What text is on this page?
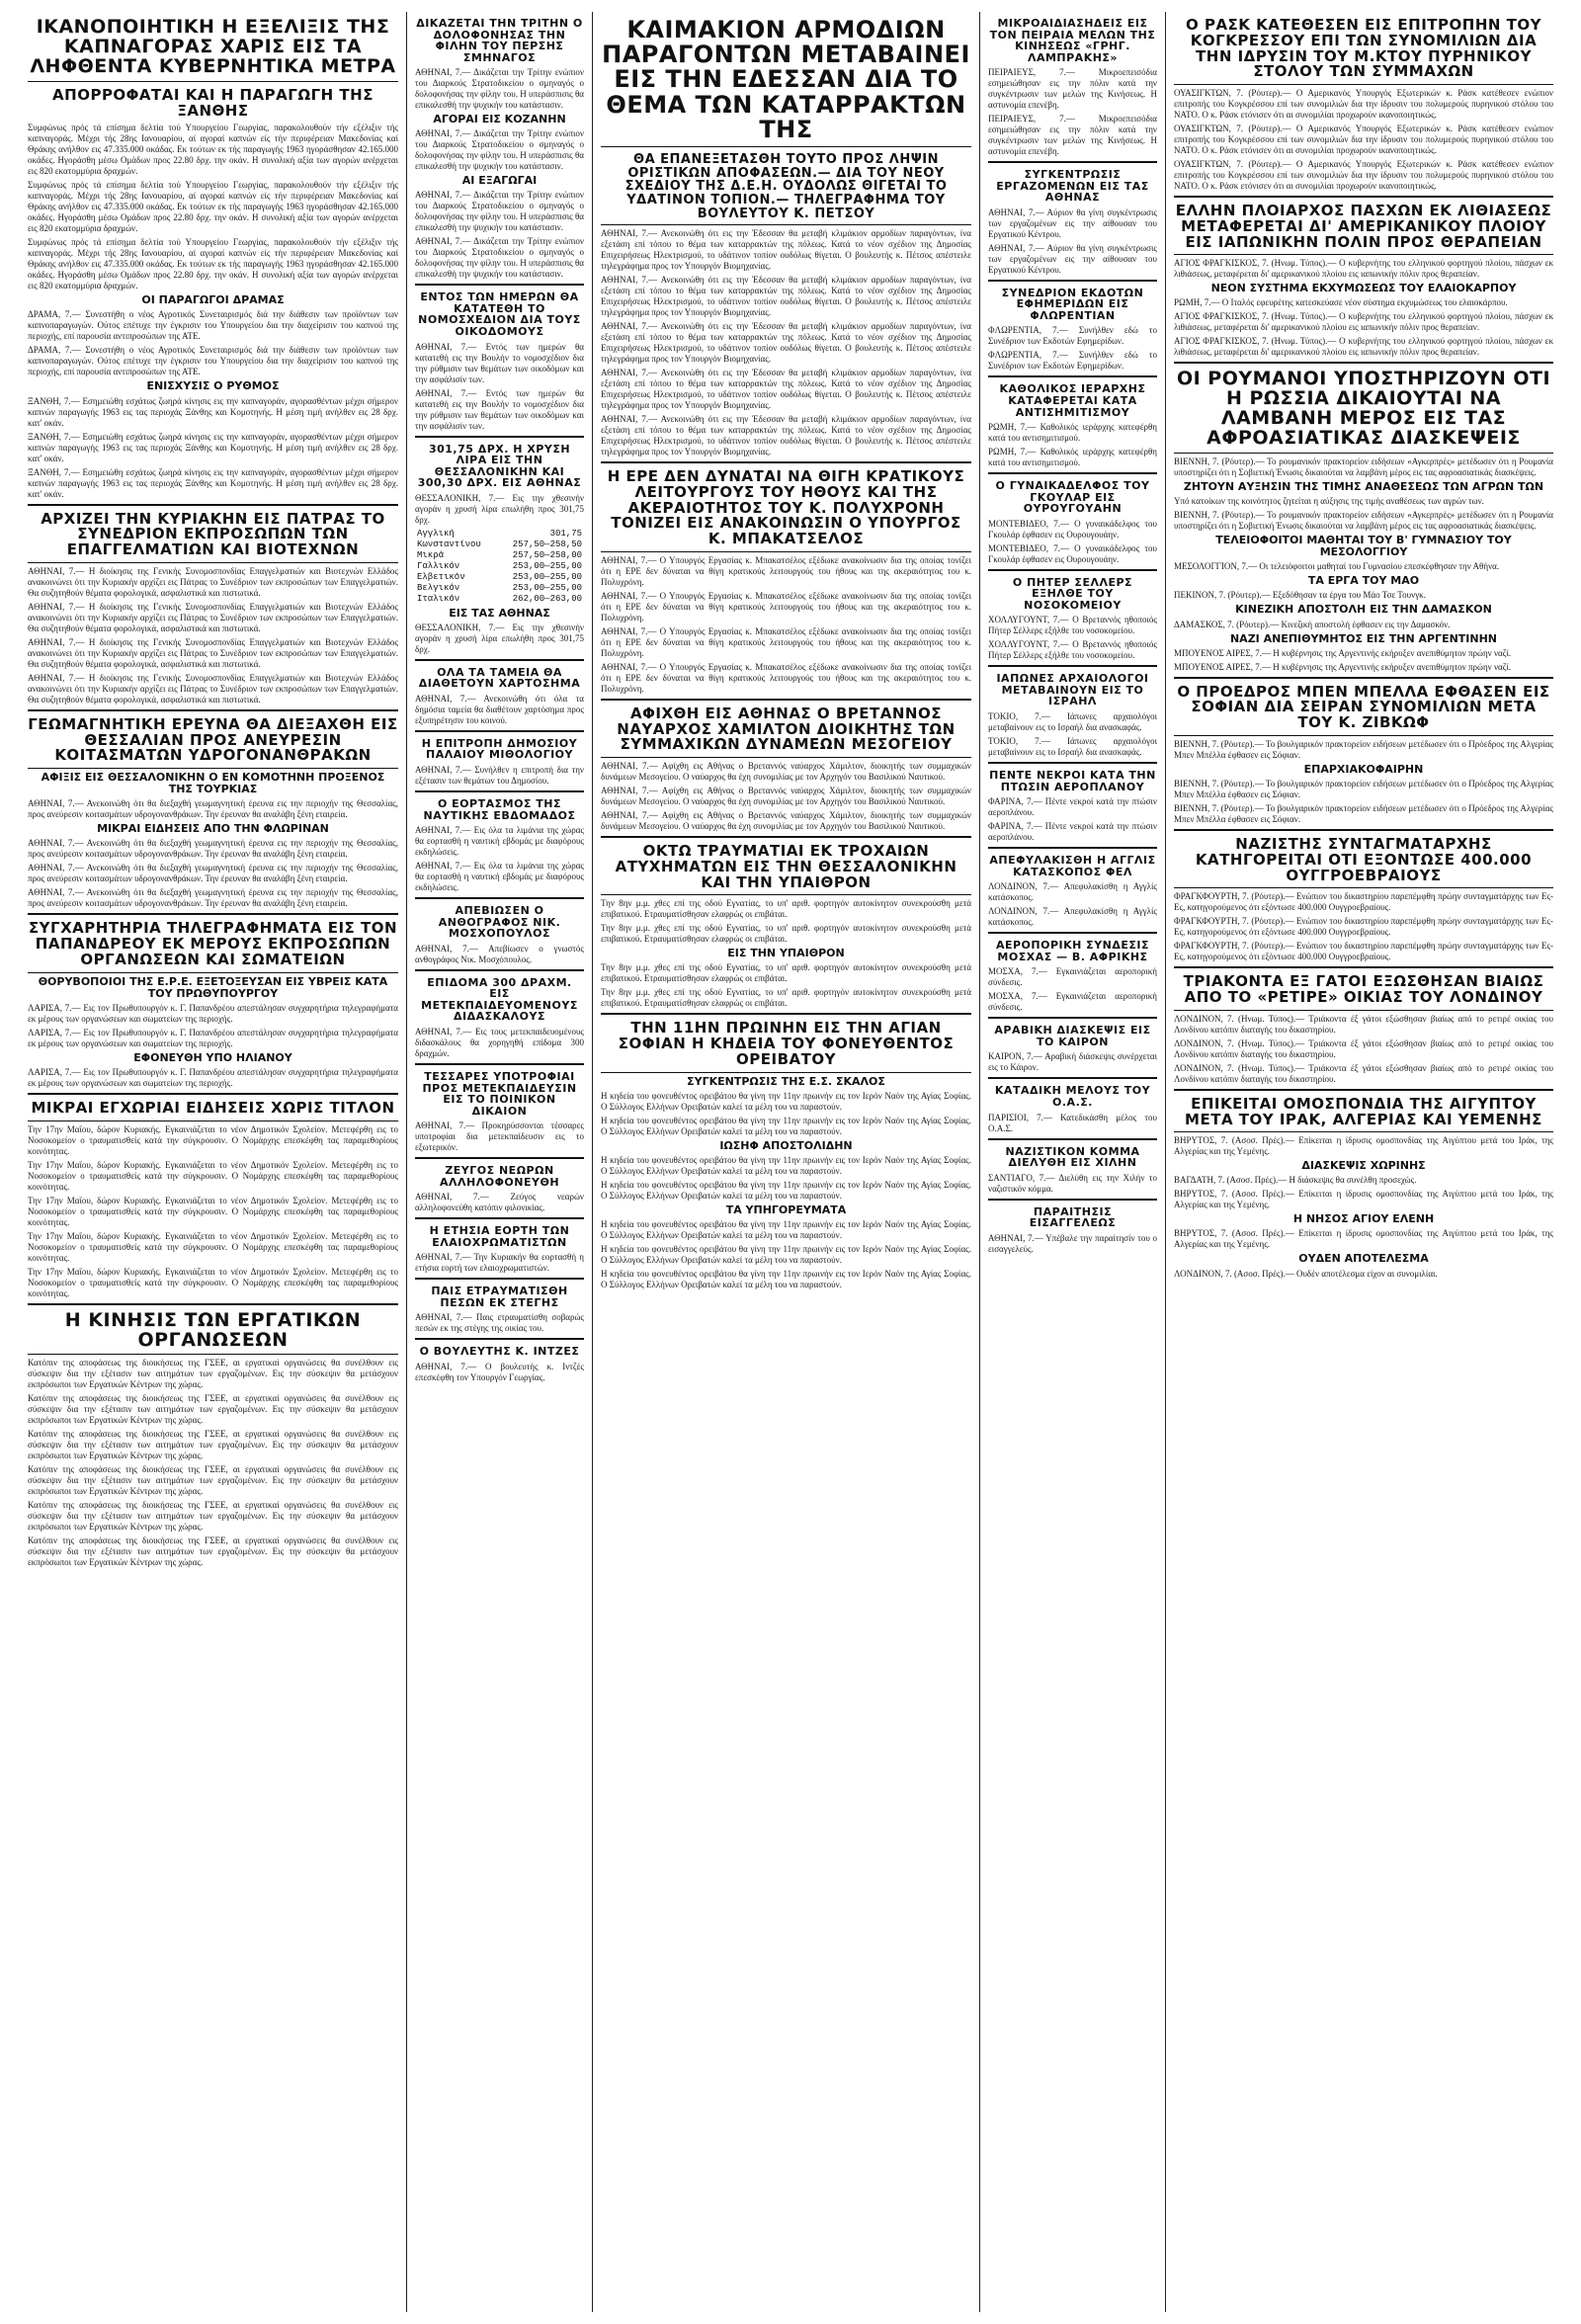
ΙΚΑΝΟΠΟΙΗΤΙΚΗ Η ΕΞΕΛΙΞΙΣ ΤΗΣ ΚΑΠΝΑΓΟΡΑΣ ΧΑΡΙΣ ΕΙΣ ΤΑ ΛΗΦΘΕΝΤΑ ΚΥΒΕΡΝΗΤΙΚΑ ΜΕΤΡΑ
ΑΠΟΡΡΟΦΑΤΑΙ ΚΑΙ Η ΠΑΡΑΓΩΓΗ ΤΗΣ ΞΑΝΘΗΣ

Συμφώνως πρός τά επίσημα δελτία τού Υπουργείου Γεωργίας, παρακολουθούν τήν εξέλιξιν τής καπναγοράς. Μέχρι τής 28ης Ιανουαρίου, αί αγοραί καπνών είς τήν περιφέρειαν Μακεδονίας καί Θράκης ανήλθον εις 47.335.000 οκάδας. Εκ τούτων εκ τής παραγωγής 1963 ηγοράσθησαν 42.165.000 οκάδες. Ηγοράσθη μέσω Ομάδων προς 22.80 δρχ. την οκάν. Η συνολική αξία των αγορών ανέρχεται εις 820 εκατομμύρια δραχμών.

Συμφώνως πρός τά επίσημα δελτία τού Υπουργείου Γεωργίας, παρακολουθούν τήν εξέλιξιν τής καπναγοράς. Μέχρι τής 28ης Ιανουαρίου, αί αγοραί καπνών είς τήν περιφέρειαν Μακεδονίας καί Θράκης ανήλθον εις 47.335.000 οκάδας. Εκ τούτων εκ τής παραγωγής 1963 ηγοράσθησαν 42.165.000 οκάδες. Ηγοράσθη μέσω Ομάδων προς 22.80 δρχ. την οκάν. Η συνολική αξία των αγορών ανέρχεται εις 820 εκατομμύρια δραχμών.

Συμφώνως πρός τά επίσημα δελτία τού Υπουργείου Γεωργίας, παρακολουθούν τήν εξέλιξιν τής καπναγοράς. Μέχρι τής 28ης Ιανουαρίου, αί αγοραί καπνών είς τήν περιφέρειαν Μακεδονίας καί Θράκης ανήλθον εις 47.335.000 οκάδας. Εκ τούτων εκ τής παραγωγής 1963 ηγοράσθησαν 42.165.000 οκάδες. Ηγοράσθη μέσω Ομάδων προς 22.80 δρχ. την οκάν. Η συνολική αξία των αγορών ανέρχεται εις 820 εκατομμύρια δραχμών.

ΟΙ ΠΑΡΑΓΩΓΟΙ ΔΡΑΜΑΣ

ΔΡΑΜΑ, 7.— Συνεστήθη ο νέος Αγροτικός Συνεταιρισμός διά την διάθεσιν των προϊόντων των καπνοπαραγωγών. Ούτος επέτυχε την έγκρισιν του Υπουργείου δια την διαχείρισιν του καπνού της περιοχής, επί παρουσία αντιπροσώπων της ΑΤΕ.

ΔΡΑΜΑ, 7.— Συνεστήθη ο νέος Αγροτικός Συνεταιρισμός διά την διάθεσιν των προϊόντων των καπνοπαραγωγών. Ούτος επέτυχε την έγκρισιν του Υπουργείου δια την διαχείρισιν του καπνού της περιοχής, επί παρουσία αντιπροσώπων της ΑΤΕ.

ΕΝΙΣΧΥΣΙΣ Ο ΡΥΘΜΟΣ

ΞΑΝΘΗ, 7.— Εσημειώθη εσχάτως ζωηρά κίνησις εις την καπναγοράν, αγορασθέντων μέχρι σήμερον καπνών παραγωγής 1963 εις τας περιοχάς Ξάνθης και Κομοτηνής. Η μέση τιμή ανήλθεν εις 28 δρχ. κατ' οκάν.

ΞΑΝΘΗ, 7.— Εσημειώθη εσχάτως ζωηρά κίνησις εις την καπναγοράν, αγορασθέντων μέχρι σήμερον καπνών παραγωγής 1963 εις τας περιοχάς Ξάνθης και Κομοτηνής. Η μέση τιμή ανήλθεν εις 28 δρχ. κατ' οκάν.

ΞΑΝΘΗ, 7.— Εσημειώθη εσχάτως ζωηρά κίνησις εις την καπναγοράν, αγορασθέντων μέχρι σήμερον καπνών παραγωγής 1963 εις τας περιοχάς Ξάνθης και Κομοτηνής. Η μέση τιμή ανήλθεν εις 28 δρχ. κατ' οκάν.

ΑΡΧΙΖΕΙ ΤΗΝ ΚΥΡΙΑΚΗΝ ΕΙΣ ΠΑΤΡΑΣ ΤΟ ΣΥΝΕΔΡΙΟΝ ΕΚΠΡΟΣΩΠΩΝ ΤΩΝ ΕΠΑΓΓΕΛΜΑΤΙΩΝ ΚΑΙ ΒΙΟΤΕΧΝΩΝ

ΑΘΗΝΑΙ, 7.— Η διοίκησις της Γενικής Συνομοσπονδίας Επαγγελματιών και Βιοτεχνών Ελλάδος ανακοινώνει ότι την Κυριακήν αρχίζει εις Πάτρας το Συνέδριον των εκπροσώπων των Επαγγελματιών. Θα συζητηθούν θέματα φορολογικά, ασφαλιστικά και πιστωτικά.

ΑΘΗΝΑΙ, 7.— Η διοίκησις της Γενικής Συνομοσπονδίας Επαγγελματιών και Βιοτεχνών Ελλάδος ανακοινώνει ότι την Κυριακήν αρχίζει εις Πάτρας το Συνέδριον των εκπροσώπων των Επαγγελματιών. Θα συζητηθούν θέματα φορολογικά, ασφαλιστικά και πιστωτικά.

ΑΘΗΝΑΙ, 7.— Η διοίκησις της Γενικής Συνομοσπονδίας Επαγγελματιών και Βιοτεχνών Ελλάδος ανακοινώνει ότι την Κυριακήν αρχίζει εις Πάτρας το Συνέδριον των εκπροσώπων των Επαγγελματιών. Θα συζητηθούν θέματα φορολογικά, ασφαλιστικά και πιστωτικά.

ΑΘΗΝΑΙ, 7.— Η διοίκησις της Γενικής Συνομοσπονδίας Επαγγελματιών και Βιοτεχνών Ελλάδος ανακοινώνει ότι την Κυριακήν αρχίζει εις Πάτρας το Συνέδριον των εκπροσώπων των Επαγγελματιών. Θα συζητηθούν θέματα φορολογικά, ασφαλιστικά και πιστωτικά.

ΓΕΩΜΑΓΝΗΤΙΚΗ ΕΡΕΥΝΑ ΘΑ ΔΙΕΞΑΧΘΗ ΕΙΣ ΘΕΣΣΑΛΙΑΝ ΠΡΟΣ ΑΝΕΥΡΕΣΙΝ ΚΟΙΤΑΣΜΑΤΩΝ ΥΔΡΟΓΟΝΑΝΘΡΑΚΩΝ
ΑΦΙΞΙΣ ΕΙΣ ΘΕΣΣΑΛΟΝΙΚΗΝ Ο ΕΝ ΚΟΜΟΤΗΝΗ ΠΡΟΞΕΝΟΣ ΤΗΣ ΤΟΥΡΚΙΑΣ

ΑΘΗΝΑΙ, 7.— Ανεκοινώθη ότι θα διεξαχθή γεωμαγνητική έρευνα εις την περιοχήν της Θεσσαλίας, προς ανεύρεσιν κοιτασμάτων υδρογονανθράκων. Την έρευναν θα αναλάβη ξένη εταιρεία.

ΜΙΚΡΑΙ ΕΙΔΗΣΕΙΣ ΑΠΟ ΤΗΝ ΦΛΩΡΙΝΑΝ

ΑΘΗΝΑΙ, 7.— Ανεκοινώθη ότι θα διεξαχθή γεωμαγνητική έρευνα εις την περιοχήν της Θεσσαλίας, προς ανεύρεσιν κοιτασμάτων υδρογονανθράκων. Την έρευναν θα αναλάβη ξένη εταιρεία.

ΑΘΗΝΑΙ, 7.— Ανεκοινώθη ότι θα διεξαχθή γεωμαγνητική έρευνα εις την περιοχήν της Θεσσαλίας, προς ανεύρεσιν κοιτασμάτων υδρογονανθράκων. Την έρευναν θα αναλάβη ξένη εταιρεία.

ΑΘΗΝΑΙ, 7.— Ανεκοινώθη ότι θα διεξαχθή γεωμαγνητική έρευνα εις την περιοχήν της Θεσσαλίας, προς ανεύρεσιν κοιτασμάτων υδρογονανθράκων. Την έρευναν θα αναλάβη ξένη εταιρεία.

ΣΥΓΧΑΡΗΤΗΡΙΑ ΤΗΛΕΓΡΑΦΗΜΑΤΑ ΕΙΣ ΤΟΝ ΠΑΠΑΝΔΡΕΟΥ ΕΚ ΜΕΡΟΥΣ ΕΚΠΡΟΣΩΠΩΝ ΟΡΓΑΝΩΣΕΩΝ ΚΑΙ ΣΩΜΑΤΕΙΩΝ
ΘΟΡΥΒΟΠΟΙΟΙ ΤΗΣ Ε.Ρ.Ε. ΕΞΕΤΟΞΕΥΣΑΝ ΕΙΣ ΥΒΡΕΙΣ ΚΑΤΑ ΤΟΥ ΠΡΩΘΥΠΟΥΡΓΟΥ

ΛΑΡΙΣΑ, 7.— Εις τον Πρωθυπουργόν κ. Γ. Παπανδρέου απεστάλησαν συγχαρητήρια τηλεγραφήματα εκ μέρους των οργανώσεων και σωματείων της περιοχής.

ΛΑΡΙΣΑ, 7.— Εις τον Πρωθυπουργόν κ. Γ. Παπανδρέου απεστάλησαν συγχαρητήρια τηλεγραφήματα εκ μέρους των οργανώσεων και σωματείων της περιοχής.

ΕΦΟΝΕΥΘΗ ΥΠΟ ΗΛΙΑΝΟΥ

ΛΑΡΙΣΑ, 7.— Εις τον Πρωθυπουργόν κ. Γ. Παπανδρέου απεστάλησαν συγχαρητήρια τηλεγραφήματα εκ μέρους των οργανώσεων και σωματείων της περιοχής.

ΜΙΚΡΑΙ ΕΓΧΩΡΙΑΙ ΕΙΔΗΣΕΙΣ ΧΩΡΙΣ ΤΙΤΛΟΝ

Την 17ην Μαΐου, δώρον Κυριακής. Εγκαινιάζεται το νέον Δημοτικόν Σχολείον. Μετεφέρθη εις το Νοσοκομείον ο τραυματισθείς κατά την σύγκρουσιν. Ο Νομάρχης επεσκέφθη τας παραμεθορίους κοινότητας.

Την 17ην Μαΐου, δώρον Κυριακής. Εγκαινιάζεται το νέον Δημοτικόν Σχολείον. Μετεφέρθη εις το Νοσοκομείον ο τραυματισθείς κατά την σύγκρουσιν. Ο Νομάρχης επεσκέφθη τας παραμεθορίους κοινότητας.

Την 17ην Μαΐου, δώρον Κυριακής. Εγκαινιάζεται το νέον Δημοτικόν Σχολείον. Μετεφέρθη εις το Νοσοκομείον ο τραυματισθείς κατά την σύγκρουσιν. Ο Νομάρχης επεσκέφθη τας παραμεθορίους κοινότητας.

Την 17ην Μαΐου, δώρον Κυριακής. Εγκαινιάζεται το νέον Δημοτικόν Σχολείον. Μετεφέρθη εις το Νοσοκομείον ο τραυματισθείς κατά την σύγκρουσιν. Ο Νομάρχης επεσκέφθη τας παραμεθορίους κοινότητας.

Την 17ην Μαΐου, δώρον Κυριακής. Εγκαινιάζεται το νέον Δημοτικόν Σχολείον. Μετεφέρθη εις το Νοσοκομείον ο τραυματισθείς κατά την σύγκρουσιν. Ο Νομάρχης επεσκέφθη τας παραμεθορίους κοινότητας.

Η ΚΙΝΗΣΙΣ ΤΩΝ ΕΡΓΑΤΙΚΩΝ ΟΡΓΑΝΩΣΕΩΝ

Κατόπιν της αποφάσεως της διοικήσεως της ΓΣΕΕ, αι εργατικαί οργανώσεις θα συνέλθουν εις σύσκεψιν δια την εξέτασιν των αιτημάτων των εργαζομένων. Εις την σύσκεψιν θα μετάσχουν εκπρόσωποι των Εργατικών Κέντρων της χώρας.

Κατόπιν της αποφάσεως της διοικήσεως της ΓΣΕΕ, αι εργατικαί οργανώσεις θα συνέλθουν εις σύσκεψιν δια την εξέτασιν των αιτημάτων των εργαζομένων. Εις την σύσκεψιν θα μετάσχουν εκπρόσωποι των Εργατικών Κέντρων της χώρας.

Κατόπιν της αποφάσεως της διοικήσεως της ΓΣΕΕ, αι εργατικαί οργανώσεις θα συνέλθουν εις σύσκεψιν δια την εξέτασιν των αιτημάτων των εργαζομένων. Εις την σύσκεψιν θα μετάσχουν εκπρόσωποι των Εργατικών Κέντρων της χώρας.

Κατόπιν της αποφάσεως της διοικήσεως της ΓΣΕΕ, αι εργατικαί οργανώσεις θα συνέλθουν εις σύσκεψιν δια την εξέτασιν των αιτημάτων των εργαζομένων. Εις την σύσκεψιν θα μετάσχουν εκπρόσωποι των Εργατικών Κέντρων της χώρας.

Κατόπιν της αποφάσεως της διοικήσεως της ΓΣΕΕ, αι εργατικαί οργανώσεις θα συνέλθουν εις σύσκεψιν δια την εξέτασιν των αιτημάτων των εργαζομένων. Εις την σύσκεψιν θα μετάσχουν εκπρόσωποι των Εργατικών Κέντρων της χώρας.

Κατόπιν της αποφάσεως της διοικήσεως της ΓΣΕΕ, αι εργατικαί οργανώσεις θα συνέλθουν εις σύσκεψιν δια την εξέτασιν των αιτημάτων των εργαζομένων. Εις την σύσκεψιν θα μετάσχουν εκπρόσωποι των Εργατικών Κέντρων της χώρας.

ΔΙΚΑΖΕΤΑΙ ΤΗΝ ΤΡΙΤΗΝ Ο ΔΟΛΟΦΟΝΗΣΑΣ ΤΗΝ ΦΙΛΗΝ ΤΟΥ ΠΕΡΣΗΣ ΣΜΗΝΑΓΟΣ

ΑΘΗΝΑΙ, 7.— Δικάζεται την Τρίτην ενώπιον του Διαρκούς Στρατοδικείου ο σμηναγός ο δολοφονήσας την φίλην του. Η υπεράσπισις θα επικαλεσθή την ψυχικήν του κατάστασιν.

ΑΓΟΡΑΙ ΕΙΣ ΚΟΖΑΝΗΝ

ΑΘΗΝΑΙ, 7.— Δικάζεται την Τρίτην ενώπιον του Διαρκούς Στρατοδικείου ο σμηναγός ο δολοφονήσας την φίλην του. Η υπεράσπισις θα επικαλεσθή την ψυχικήν του κατάστασιν.

ΑΙ ΕΞΑΓΩΓΑΙ

ΑΘΗΝΑΙ, 7.— Δικάζεται την Τρίτην ενώπιον του Διαρκούς Στρατοδικείου ο σμηναγός ο δολοφονήσας την φίλην του. Η υπεράσπισις θα επικαλεσθή την ψυχικήν του κατάστασιν.

ΑΘΗΝΑΙ, 7.— Δικάζεται την Τρίτην ενώπιον του Διαρκούς Στρατοδικείου ο σμηναγός ο δολοφονήσας την φίλην του. Η υπεράσπισις θα επικαλεσθή την ψυχικήν του κατάστασιν.

ΕΝΤΟΣ ΤΩΝ ΗΜΕΡΩΝ ΘΑ ΚΑΤΑΤΕΘΗ ΤΟ ΝΟΜΟΣΧΕΔΙΟΝ ΔΙΑ ΤΟΥΣ ΟΙΚΟΔΟΜΟΥΣ

ΑΘΗΝΑΙ, 7.— Εντός των ημερών θα κατατεθή εις την Βουλήν το νομοσχέδιον δια την ρύθμισιν των θεμάτων των οικοδόμων και την ασφάλισίν των.

ΑΘΗΝΑΙ, 7.— Εντός των ημερών θα κατατεθή εις την Βουλήν το νομοσχέδιον δια την ρύθμισιν των θεμάτων των οικοδόμων και την ασφάλισίν των.

301,75 ΔΡΧ. Η ΧΡΥΣΗ ΛΙΡΑ ΕΙΣ ΤΗΝ ΘΕΣΣΑΛΟΝΙΚΗΝ ΚΑΙ 300,30 ΔΡΧ. ΕΙΣ ΑΘΗΝΑΣ

ΘΕΣΣΑΛΟΝΙΚΗ, 7.— Εις την χθεσινήν αγοράν η χρυσή λίρα επωλήθη προς 301,75 δρχ.

Αγγλική	301,75
Κωνσταντίνου	257,50—258,50
Μικρά	257,50—258,00
Γαλλικόν	253,00—255,00
Ελβετικόν	253,00—255,00
Βελγικόν	253,00—255,00
Ιταλικόν	262,00—263,00
ΕΙΣ ΤΑΣ ΑΘΗΝΑΣ

ΘΕΣΣΑΛΟΝΙΚΗ, 7.— Εις την χθεσινήν αγοράν η χρυσή λίρα επωλήθη προς 301,75 δρχ.

ΟΛΑ ΤΑ ΤΑΜΕΙΑ ΘΑ ΔΙΑΘΕΤΟΥΝ ΧΑΡΤΟΣΗΜΑ

ΑΘΗΝΑΙ, 7.— Ανεκοινώθη ότι όλα τα δημόσια ταμεία θα διαθέτουν χαρτόσημα προς εξυπηρέτησιν του κοινού.

Η ΕΠΙΤΡΟΠΗ ΔΗΜΟΣΙΟΥ ΠΑΛΑΙΟΥ ΜΙΘΟΛΟΓΙΟΥ

ΑΘΗΝΑΙ, 7.— Συνήλθεν η επιτροπή δια την εξέτασιν των θεμάτων του Δημοσίου.

Ο ΕΟΡΤΑΣΜΟΣ ΤΗΣ ΝΑΥΤΙΚΗΣ ΕΒΔΟΜΑΔΟΣ

ΑΘΗΝΑΙ, 7.— Εις όλα τα λιμάνια της χώρας θα εορτασθή η ναυτική εβδομάς με διαφόρους εκδηλώσεις.

ΑΘΗΝΑΙ, 7.— Εις όλα τα λιμάνια της χώρας θα εορτασθή η ναυτική εβδομάς με διαφόρους εκδηλώσεις.

ΑΠΕΒΙΩΣΕΝ Ο ΑΝΘΟΓΡΑΦΟΣ ΝΙΚ. ΜΟΣΧΟΠΟΥΛΟΣ

ΑΘΗΝΑΙ, 7.— Απεβίωσεν ο γνωστός ανθογράφος Νικ. Μοσχόπουλος.

ΕΠΙΔΟΜΑ 300 ΔΡΑΧΜ. ΕΙΣ ΜΕΤΕΚΠΑΙΔΕΥΟΜΕΝΟΥΣ ΔΙΔΑΣΚΑΛΟΥΣ

ΑΘΗΝΑΙ, 7.— Εις τους μετεκπαιδευομένους διδασκάλους θα χορηγηθή επίδομα 300 δραχμών.

ΤΕΣΣΑΡΕΣ ΥΠΟΤΡΟΦΙΑΙ ΠΡΟΣ ΜΕΤΕΚΠΑΙΔΕΥΣΙΝ ΕΙΣ ΤΟ ΠΟΙΝΙΚΟΝ ΔΙΚΑΙΟΝ

ΑΘΗΝΑΙ, 7.— Προκηρύσσονται τέσσαρες υποτροφίαι δια μετεκπαίδευσιν εις το εξωτερικόν.

ΖΕΥΓΟΣ ΝΕΩΡΩΝ ΑΛΛΗΛΟΦΟΝΕΥΘΗ

ΑΘΗΝΑΙ, 7.— Ζεύγος νεαρών αλληλοφονεύθη κατόπιν φιλονικίας.

Η ΕΤΗΣΙΑ ΕΟΡΤΗ ΤΩΝ ΕΛΑΙΟΧΡΩΜΑΤΙΣΤΩΝ

ΑΘΗΝΑΙ, 7.— Την Κυριακήν θα εορτασθή η ετήσια εορτή των ελαιοχρωματιστών.

ΠΑΙΣ ΕΤΡΑΥΜΑΤΙΣΘΗ ΠΕΣΩΝ ΕΚ ΣΤΕΓΗΣ

ΑΘΗΝΑΙ, 7.— Παις ετραυματίσθη σοβαρώς πεσών εκ της στέγης της οικίας του.

Ο ΒΟΥΛΕΥΤΗΣ Κ. ΙΝΤΖΕΣ

ΑΘΗΝΑΙ, 7.— Ο βουλευτής κ. Ιντζές επεσκέφθη τον Υπουργόν Γεωργίας.

ΚΑΙΜΑΚΙΟΝ ΑΡΜΟΔΙΩΝ ΠΑΡΑΓΟΝΤΩΝ ΜΕΤΑΒΑΙΝΕΙ ΕΙΣ ΤΗΝ ΕΔΕΣΣΑΝ ΔΙΑ ΤΟ ΘΕΜΑ ΤΩΝ ΚΑΤΑΡΡΑΚΤΩΝ ΤΗΣ
ΘΑ ΕΠΑΝΕΞΕΤΑΣΘΗ ΤΟΥΤΟ ΠΡΟΣ ΛΗΨΙΝ ΟΡΙΣΤΙΚΩΝ ΑΠΟΦΑΣΕΩΝ.— ΔΙΑ ΤΟΥ ΝΕΟΥ ΣΧΕΔΙΟΥ ΤΗΣ Δ.Ε.Η. ΟΥΔΟΛΩΣ ΘΙΓΕΤΑΙ ΤΟ ΥΔΑΤΙΝΟΝ ΤΟΠΙΟΝ.— ΤΗΛΕΓΡΑΦΗΜΑ ΤΟΥ ΒΟΥΛΕΥΤΟΥ Κ. ΠΕΤΣΟΥ

ΑΘΗΝΑΙ, 7.— Ανεκοινώθη ότι εις την Έδεσσαν θα μεταβή κλιμάκιον αρμοδίων παραγόντων, ίνα εξετάση επί τόπου το θέμα των καταρρακτών της πόλεως. Κατά το νέον σχέδιον της Δημοσίας Επιχειρήσεως Ηλεκτρισμού, το υδάτινον τοπίον ουδόλως θίγεται. Ο βουλευτής κ. Πέτσος απέστειλε τηλεγράφημα προς τον Υπουργόν Βιομηχανίας.

ΑΘΗΝΑΙ, 7.— Ανεκοινώθη ότι εις την Έδεσσαν θα μεταβή κλιμάκιον αρμοδίων παραγόντων, ίνα εξετάση επί τόπου το θέμα των καταρρακτών της πόλεως. Κατά το νέον σχέδιον της Δημοσίας Επιχειρήσεως Ηλεκτρισμού, το υδάτινον τοπίον ουδόλως θίγεται. Ο βουλευτής κ. Πέτσος απέστειλε τηλεγράφημα προς τον Υπουργόν Βιομηχανίας.

ΑΘΗΝΑΙ, 7.— Ανεκοινώθη ότι εις την Έδεσσαν θα μεταβή κλιμάκιον αρμοδίων παραγόντων, ίνα εξετάση επί τόπου το θέμα των καταρρακτών της πόλεως. Κατά το νέον σχέδιον της Δημοσίας Επιχειρήσεως Ηλεκτρισμού, το υδάτινον τοπίον ουδόλως θίγεται. Ο βουλευτής κ. Πέτσος απέστειλε τηλεγράφημα προς τον Υπουργόν Βιομηχανίας.

ΑΘΗΝΑΙ, 7.— Ανεκοινώθη ότι εις την Έδεσσαν θα μεταβή κλιμάκιον αρμοδίων παραγόντων, ίνα εξετάση επί τόπου το θέμα των καταρρακτών της πόλεως. Κατά το νέον σχέδιον της Δημοσίας Επιχειρήσεως Ηλεκτρισμού, το υδάτινον τοπίον ουδόλως θίγεται. Ο βουλευτής κ. Πέτσος απέστειλε τηλεγράφημα προς τον Υπουργόν Βιομηχανίας.

ΑΘΗΝΑΙ, 7.— Ανεκοινώθη ότι εις την Έδεσσαν θα μεταβή κλιμάκιον αρμοδίων παραγόντων, ίνα εξετάση επί τόπου το θέμα των καταρρακτών της πόλεως. Κατά το νέον σχέδιον της Δημοσίας Επιχειρήσεως Ηλεκτρισμού, το υδάτινον τοπίον ουδόλως θίγεται. Ο βουλευτής κ. Πέτσος απέστειλε τηλεγράφημα προς τον Υπουργόν Βιομηχανίας.

Η ΕΡΕ ΔΕΝ ΔΥΝΑΤΑΙ ΝΑ ΘΙΓΗ ΚΡΑΤΙΚΟΥΣ ΛΕΙΤΟΥΡΓΟΥΣ ΤΟΥ ΗΘΟΥΣ ΚΑΙ ΤΗΣ ΑΚΕΡΑΙΟΤΗΤΟΣ ΤΟΥ Κ. ΠΟΛΥΧΡΟΝΗ ΤΟΝΙΖΕΙ ΕΙΣ ΑΝΑΚΟΙΝΩΣΙΝ Ο ΥΠΟΥΡΓΟΣ Κ. ΜΠΑΚΑΤΣΕΛΟΣ

ΑΘΗΝΑΙ, 7.— Ο Υπουργός Εργασίας κ. Μπακατσέλος εξέδωκε ανακοίνωσιν δια της οποίας τονίζει ότι η ΕΡΕ δεν δύναται να θίγη κρατικούς λειτουργούς του ήθους και της ακεραιότητος του κ. Πολυχρόνη.

ΑΘΗΝΑΙ, 7.— Ο Υπουργός Εργασίας κ. Μπακατσέλος εξέδωκε ανακοίνωσιν δια της οποίας τονίζει ότι η ΕΡΕ δεν δύναται να θίγη κρατικούς λειτουργούς του ήθους και της ακεραιότητος του κ. Πολυχρόνη.

ΑΘΗΝΑΙ, 7.— Ο Υπουργός Εργασίας κ. Μπακατσέλος εξέδωκε ανακοίνωσιν δια της οποίας τονίζει ότι η ΕΡΕ δεν δύναται να θίγη κρατικούς λειτουργούς του ήθους και της ακεραιότητος του κ. Πολυχρόνη.

ΑΘΗΝΑΙ, 7.— Ο Υπουργός Εργασίας κ. Μπακατσέλος εξέδωκε ανακοίνωσιν δια της οποίας τονίζει ότι η ΕΡΕ δεν δύναται να θίγη κρατικούς λειτουργούς του ήθους και της ακεραιότητος του κ. Πολυχρόνη.

ΑΦΙΧΘΗ ΕΙΣ ΑΘΗΝΑΣ Ο ΒΡΕΤΑΝΝΟΣ ΝΑΥΑΡΧΟΣ ΧΑΜΙΛΤΟΝ ΔΙΟΙΚΗΤΗΣ ΤΩΝ ΣΥΜΜΑΧΙΚΩΝ ΔΥΝΑΜΕΩΝ ΜΕΣΟΓΕΙΟΥ

ΑΘΗΝΑΙ, 7.— Αφίχθη εις Αθήνας ο Βρεταννός ναύαρχος Χάμιλτον, διοικητής των συμμαχικών δυνάμεων Μεσογείου. Ο ναύαρχος θα έχη συνομιλίας με τον Αρχηγόν του Βασιλικού Ναυτικού.

ΑΘΗΝΑΙ, 7.— Αφίχθη εις Αθήνας ο Βρεταννός ναύαρχος Χάμιλτον, διοικητής των συμμαχικών δυνάμεων Μεσογείου. Ο ναύαρχος θα έχη συνομιλίας με τον Αρχηγόν του Βασιλικού Ναυτικού.

ΑΘΗΝΑΙ, 7.— Αφίχθη εις Αθήνας ο Βρεταννός ναύαρχος Χάμιλτον, διοικητής των συμμαχικών δυνάμεων Μεσογείου. Ο ναύαρχος θα έχη συνομιλίας με τον Αρχηγόν του Βασιλικού Ναυτικού.

ΟΚΤΩ ΤΡΑΥΜΑΤΙΑΙ ΕΚ ΤΡΟΧΑΙΩΝ ΑΤΥΧΗΜΑΤΩΝ ΕΙΣ ΤΗΝ ΘΕΣΣΑΛΟΝΙΚΗΝ ΚΑΙ ΤΗΝ ΥΠΑΙΘΡΟΝ

Την 8ην μ.μ. χθες επί της οδού Εγνατίας, το υπ' αριθ. φορτηγόν αυτοκίνητον συνεκρούσθη μετά επιβατικού. Ετραυματίσθησαν ελαφρώς οι επιβάται.

Την 8ην μ.μ. χθες επί της οδού Εγνατίας, το υπ' αριθ. φορτηγόν αυτοκίνητον συνεκρούσθη μετά επιβατικού. Ετραυματίσθησαν ελαφρώς οι επιβάται.

ΕΙΣ ΤΗΝ ΥΠΑΙΘΡΟΝ

Την 8ην μ.μ. χθες επί της οδού Εγνατίας, το υπ' αριθ. φορτηγόν αυτοκίνητον συνεκρούσθη μετά επιβατικού. Ετραυματίσθησαν ελαφρώς οι επιβάται.

Την 8ην μ.μ. χθες επί της οδού Εγνατίας, το υπ' αριθ. φορτηγόν αυτοκίνητον συνεκρούσθη μετά επιβατικού. Ετραυματίσθησαν ελαφρώς οι επιβάται.

ΤΗΝ 11ΗΝ ΠΡΩΙΝΗΝ ΕΙΣ ΤΗΝ ΑΓΙΑΝ ΣΟΦΙΑΝ Η ΚΗΔΕΙΑ ΤΟΥ ΦΟΝΕΥΘΕΝΤΟΣ ΟΡΕΙΒΑΤΟΥ
ΣΥΓΚΕΝΤΡΩΣΙΣ ΤΗΣ Ε.Σ. ΣΚΑΛΟΣ

Η κηδεία του φονευθέντος ορειβάτου θα γίνη την 11ην πρωινήν εις τον Ιερόν Ναόν της Αγίας Σοφίας. Ο Σύλλογος Ελλήνων Ορειβατών καλεί τα μέλη του να παραστούν.

Η κηδεία του φονευθέντος ορειβάτου θα γίνη την 11ην πρωινήν εις τον Ιερόν Ναόν της Αγίας Σοφίας. Ο Σύλλογος Ελλήνων Ορειβατών καλεί τα μέλη του να παραστούν.

ΙΩΣΗΦ ΑΠΟΣΤΟΛΙΔΗΝ

Η κηδεία του φονευθέντος ορειβάτου θα γίνη την 11ην πρωινήν εις τον Ιερόν Ναόν της Αγίας Σοφίας. Ο Σύλλογος Ελλήνων Ορειβατών καλεί τα μέλη του να παραστούν.

Η κηδεία του φονευθέντος ορειβάτου θα γίνη την 11ην πρωινήν εις τον Ιερόν Ναόν της Αγίας Σοφίας. Ο Σύλλογος Ελλήνων Ορειβατών καλεί τα μέλη του να παραστούν.

ΤΑ ΥΠΗΓΟΡΕΥΜΑΤΑ

Η κηδεία του φονευθέντος ορειβάτου θα γίνη την 11ην πρωινήν εις τον Ιερόν Ναόν της Αγίας Σοφίας. Ο Σύλλογος Ελλήνων Ορειβατών καλεί τα μέλη του να παραστούν.

Η κηδεία του φονευθέντος ορειβάτου θα γίνη την 11ην πρωινήν εις τον Ιερόν Ναόν της Αγίας Σοφίας. Ο Σύλλογος Ελλήνων Ορειβατών καλεί τα μέλη του να παραστούν.

Η κηδεία του φονευθέντος ορειβάτου θα γίνη την 11ην πρωινήν εις τον Ιερόν Ναόν της Αγίας Σοφίας. Ο Σύλλογος Ελλήνων Ορειβατών καλεί τα μέλη του να παραστούν.

ΜΙΚΡΟΑΙΔΙΑΣΗΔΕΙΣ ΕΙΣ ΤΟΝ ΠΕΙΡΑΙΑ ΜΕΛΩΝ ΤΗΣ ΚΙΝΗΣΕΩΣ «ΓΡΗΓ. ΛΑΜΠΡΑΚΗΣ»

ΠΕΙΡΑΙΕΥΣ, 7.— Μικροεπεισόδια εσημειώθησαν εις την πόλιν κατά την συγκέντρωσιν των μελών της Κινήσεως. Η αστυνομία επενέβη.

ΠΕΙΡΑΙΕΥΣ, 7.— Μικροεπεισόδια εσημειώθησαν εις την πόλιν κατά την συγκέντρωσιν των μελών της Κινήσεως. Η αστυνομία επενέβη.

ΣΥΓΚΕΝΤΡΩΣΙΣ ΕΡΓΑΖΟΜΕΝΩΝ ΕΙΣ ΤΑΣ ΑΘΗΝΑΣ

ΑΘΗΝΑΙ, 7.— Αύριον θα γίνη συγκέντρωσις των εργαζομένων εις την αίθουσαν του Εργατικού Κέντρου.

ΑΘΗΝΑΙ, 7.— Αύριον θα γίνη συγκέντρωσις των εργαζομένων εις την αίθουσαν του Εργατικού Κέντρου.

ΣΥΝΕΔΡΙΟΝ ΕΚΔΟΤΩΝ ΕΦΗΜΕΡΙΔΩΝ ΕΙΣ ΦΛΩΡΕΝΤΙΑΝ

ΦΛΩΡΕΝΤΙΑ, 7.— Συνήλθεν εδώ το Συνέδριον των Εκδοτών Εφημερίδων.

ΦΛΩΡΕΝΤΙΑ, 7.— Συνήλθεν εδώ το Συνέδριον των Εκδοτών Εφημερίδων.

ΚΑΘΟΛΙΚΟΣ ΙΕΡΑΡΧΗΣ ΚΑΤΑΦΕΡΕΤΑΙ ΚΑΤΑ ΑΝΤΙΣΗΜΙΤΙΣΜΟΥ

ΡΩΜΗ, 7.— Καθολικός ιεράρχης κατεφέρθη κατά του αντισημιτισμού.

ΡΩΜΗ, 7.— Καθολικός ιεράρχης κατεφέρθη κατά του αντισημιτισμού.

Ο ΓΥΝΑΙΚΑΔΕΛΦΟΣ ΤΟΥ ΓΚΟΥΛΑΡ ΕΙΣ ΟΥΡΟΥΓΟΥΑΗΝ

ΜΟΝΤΕΒΙΔΕΟ, 7.— Ο γυναικάδελφος του Γκουλάρ έφθασεν εις Ουρουγουάην.

ΜΟΝΤΕΒΙΔΕΟ, 7.— Ο γυναικάδελφος του Γκουλάρ έφθασεν εις Ουρουγουάην.

Ο ΠΗΤΕΡ ΣΕΛΛΕΡΣ ΕΞΗΛΘΕ ΤΟΥ ΝΟΣΟΚΟΜΕΙΟΥ

ΧΟΛΛΥΓΟΥΝΤ, 7.— Ο Βρεταννός ηθοποιός Πήτερ Σέλλερς εξήλθε του νοσοκομείου.

ΧΟΛΛΥΓΟΥΝΤ, 7.— Ο Βρεταννός ηθοποιός Πήτερ Σέλλερς εξήλθε του νοσοκομείου.

ΙΑΠΩΝΕΣ ΑΡΧΑΙΟΛΟΓΟΙ ΜΕΤΑΒΑΙΝΟΥΝ ΕΙΣ ΤΟ ΙΣΡΑΗΛ

ΤΟΚΙΟ, 7.— Ιάπωνες αρχαιολόγοι μεταβαίνουν εις το Ισραήλ δια ανασκαφάς.

ΤΟΚΙΟ, 7.— Ιάπωνες αρχαιολόγοι μεταβαίνουν εις το Ισραήλ δια ανασκαφάς.

ΠΕΝΤΕ ΝΕΚΡΟΙ ΚΑΤΑ ΤΗΝ ΠΤΩΣΙΝ ΑΕΡΟΠΛΑΝΟΥ

ΦΑΡΙΝΑ, 7.— Πέντε νεκροί κατά την πτώσιν αεροπλάνου.

ΦΑΡΙΝΑ, 7.— Πέντε νεκροί κατά την πτώσιν αεροπλάνου.

ΑΠΕΦΥΛΑΚΙΣΘΗ Η ΑΓΓΛΙΣ ΚΑΤΑΣΚΟΠΟΣ ΦΕΛ

ΛΟΝΔΙΝΟΝ, 7.— Απεφυλακίσθη η Αγγλίς κατάσκοπος.

ΛΟΝΔΙΝΟΝ, 7.— Απεφυλακίσθη η Αγγλίς κατάσκοπος.

ΑΕΡΟΠΟΡΙΚΗ ΣΥΝΔΕΣΙΣ ΜΟΣΧΑΣ — Β. ΑΦΡΙΚΗΣ

ΜΟΣΧΑ, 7.— Εγκαινιάζεται αεροπορική σύνδεσις.

ΜΟΣΧΑ, 7.— Εγκαινιάζεται αεροπορική σύνδεσις.

ΑΡΑΒΙΚΗ ΔΙΑΣΚΕΨΙΣ ΕΙΣ ΤΟ ΚΑΙΡΟΝ

ΚΑΙΡΟΝ, 7.— Αραβική διάσκεψις συνέρχεται εις το Κάιρον.

ΚΑΤΑΔΙΚΗ ΜΕΛΟΥΣ ΤΟΥ Ο.Α.Σ.

ΠΑΡΙΣΙΟΙ, 7.— Κατεδικάσθη μέλος του Ο.Α.Σ.

ΝΑΖΙΣΤΙΚΟΝ ΚΟΜΜΑ ΔΙΕΛΥΘΗ ΕΙΣ ΧΙΛΗΝ

ΣΑΝΤΙΑΓΟ, 7.— Διελύθη εις την Χιλήν το ναζιστικόν κόμμα.

ΠΑΡΑΙΤΗΣΙΣ ΕΙΣΑΓΓΕΛΕΩΣ

ΑΘΗΝΑΙ, 7.— Υπέβαλε την παραίτησίν του ο εισαγγελεύς.

Ο ΡΑΣΚ ΚΑΤΕΘΕΣΕΝ ΕΙΣ ΕΠΙΤΡΟΠΗΝ ΤΟΥ ΚΟΓΚΡΕΣΣΟΥ ΕΠΙ ΤΩΝ ΣΥΝΟΜΙΛΙΩΝ ΔΙΑ ΤΗΝ ΙΔΡΥΣΙΝ ΤΟΥ Μ.ΚΤΟΥ ΠΥΡΗΝΙΚΟΥ ΣΤΟΛΟΥ ΤΩΝ ΣΥΜΜΑΧΩΝ

ΟΥΑΣΙΓΚΤΩΝ, 7. (Ρόυτερ).— Ο Αμερικανός Υπουργός Εξωτερικών κ. Ράσκ κατέθεσεν ενώπιον επιτροπής του Κογκρέσσου επί των συνομιλιών δια την ίδρυσιν του πολυμερούς πυρηνικού στόλου του ΝΑΤΟ. Ο κ. Ράσκ ετόνισεν ότι αι συνομιλίαι προχωρούν ικανοποιητικώς.

ΟΥΑΣΙΓΚΤΩΝ, 7. (Ρόυτερ).— Ο Αμερικανός Υπουργός Εξωτερικών κ. Ράσκ κατέθεσεν ενώπιον επιτροπής του Κογκρέσσου επί των συνομιλιών δια την ίδρυσιν του πολυμερούς πυρηνικού στόλου του ΝΑΤΟ. Ο κ. Ράσκ ετόνισεν ότι αι συνομιλίαι προχωρούν ικανοποιητικώς.

ΟΥΑΣΙΓΚΤΩΝ, 7. (Ρόυτερ).— Ο Αμερικανός Υπουργός Εξωτερικών κ. Ράσκ κατέθεσεν ενώπιον επιτροπής του Κογκρέσσου επί των συνομιλιών δια την ίδρυσιν του πολυμερούς πυρηνικού στόλου του ΝΑΤΟ. Ο κ. Ράσκ ετόνισεν ότι αι συνομιλίαι προχωρούν ικανοποιητικώς.

ΕΛΛΗΝ ΠΛΟΙΑΡΧΟΣ ΠΑΣΧΩΝ ΕΚ ΛΙΘΙΑΣΕΩΣ ΜΕΤΑΦΕΡΕΤΑΙ ΔΙ' ΑΜΕΡΙΚΑΝΙΚΟΥ ΠΛΟΙΟΥ ΕΙΣ ΙΑΠΩΝΙΚΗΝ ΠΟΛΙΝ ΠΡΟΣ ΘΕΡΑΠΕΙΑΝ

ΑΓΙΟΣ ΦΡΑΓΚΙΣΚΟΣ, 7. (Ηνωμ. Τύπος).— Ο κυβερνήτης του ελληνικού φορτηγού πλοίου, πάσχων εκ λιθιάσεως, μεταφέρεται δι' αμερικανικού πλοίου εις ιαπωνικήν πόλιν προς θεραπείαν.

ΝΕΟΝ ΣΥΣΤΗΜΑ ΕΚΧΥΜΩΣΕΩΣ ΤΟΥ ΕΛΑΙΟΚΑΡΠΟΥ

ΡΩΜΗ, 7.— Ο Ιταλός εφευρέτης κατεσκεύασε νέον σύστημα εκχυμώσεως του ελαιοκάρπου.

ΑΓΙΟΣ ΦΡΑΓΚΙΣΚΟΣ, 7. (Ηνωμ. Τύπος).— Ο κυβερνήτης του ελληνικού φορτηγού πλοίου, πάσχων εκ λιθιάσεως, μεταφέρεται δι' αμερικανικού πλοίου εις ιαπωνικήν πόλιν προς θεραπείαν.

ΑΓΙΟΣ ΦΡΑΓΚΙΣΚΟΣ, 7. (Ηνωμ. Τύπος).— Ο κυβερνήτης του ελληνικού φορτηγού πλοίου, πάσχων εκ λιθιάσεως, μεταφέρεται δι' αμερικανικού πλοίου εις ιαπωνικήν πόλιν προς θεραπείαν.

ΟΙ ΡΟΥΜΑΝΟΙ ΥΠΟΣΤΗΡΙΖΟΥΝ ΟΤΙ Η ΡΩΣΣΙΑ ΔΙΚΑΙΟΥΤΑΙ ΝΑ ΛΑΜΒΑΝΗ ΜΕΡΟΣ ΕΙΣ ΤΑΣ ΑΦΡΟΑΣΙΑΤΙΚΑΣ ΔΙΑΣΚΕΨΕΙΣ

ΒΙΕΝΝΗ, 7. (Ρόυτερ).— Το ρουμανικόν πρακτορείον ειδήσεων «Αγκερπρές» μετέδωσεν ότι η Ρουμανία υποστηρίζει ότι η Σοβιετική Ένωσις δικαιούται να λαμβάνη μέρος εις τας αφροασιατικάς διασκέψεις.

ΖΗΤΟΥΝ ΑΥΞΗΣΙΝ ΤΗΣ ΤΙΜΗΣ ΑΝΑΘΕΣΕΩΣ ΤΩΝ ΑΓΡΩΝ ΤΩΝ

Υπό κατοίκων της κοινότητος ζητείται η αύξησις της τιμής αναθέσεως των αγρών των.

ΒΙΕΝΝΗ, 7. (Ρόυτερ).— Το ρουμανικόν πρακτορείον ειδήσεων «Αγκερπρές» μετέδωσεν ότι η Ρουμανία υποστηρίζει ότι η Σοβιετική Ένωσις δικαιούται να λαμβάνη μέρος εις τας αφροασιατικάς διασκέψεις.

ΤΕΛΕΙΟΦΟΙΤΟΙ ΜΑΘΗΤΑΙ ΤΟΥ Β' ΓΥΜΝΑΣΙΟΥ ΤΟΥ ΜΕΣΟΛΟΓΓΙΟΥ

ΜΕΣΟΛΟΓΓΙΟΝ, 7.— Οι τελειόφοιτοι μαθηταί του Γυμνασίου επεσκέφθησαν την Αθήνα.

ΤΑ ΕΡΓΑ ΤΟΥ ΜΑΟ

ΠΕΚΙΝΟΝ, 7. (Ρόυτερ).— Εξεδόθησαν τα έργα του Μάο Τσε Τουνγκ.

ΚΙΝΕΖΙΚΗ ΑΠΟΣΤΟΛΗ ΕΙΣ ΤΗΝ ΔΑΜΑΣΚΟΝ

ΔΑΜΑΣΚΟΣ, 7. (Ρόυτερ).— Κινεζική αποστολή έφθασεν εις την Δαμασκόν.

ΝΑΖΙ ΑΝΕΠΙΘΥΜΗΤΟΣ ΕΙΣ ΤΗΝ ΑΡΓΕΝΤΙΝΗΝ

ΜΠΟΥΕΝΟΣ ΑΙΡΕΣ, 7.— Η κυβέρνησις της Αργεντινής εκήρυξεν ανεπιθύμητον πρώην ναζί.

ΜΠΟΥΕΝΟΣ ΑΙΡΕΣ, 7.— Η κυβέρνησις της Αργεντινής εκήρυξεν ανεπιθύμητον πρώην ναζί.

Ο ΠΡΟΕΔΡΟΣ ΜΠΕΝ ΜΠΕΛΛΑ ΕΦΘΑΣΕΝ ΕΙΣ ΣΟΦΙΑΝ ΔΙΑ ΣΕΙΡΑΝ ΣΥΝΟΜΙΛΙΩΝ ΜΕΤΑ ΤΟΥ Κ. ΖΙΒΚΩΦ

ΒΙΕΝΝΗ, 7. (Ρόυτερ).— Το βουλγαρικόν πρακτορείον ειδήσεων μετέδωσεν ότι ο Πρόεδρος της Αλγερίας Μπεν Μπέλλα έφθασεν εις Σόφιαν.

ΕΠΑΡΧΙΑΚΟΦΑΙΡΗΝ

ΒΙΕΝΝΗ, 7. (Ρόυτερ).— Το βουλγαρικόν πρακτορείον ειδήσεων μετέδωσεν ότι ο Πρόεδρος της Αλγερίας Μπεν Μπέλλα έφθασεν εις Σόφιαν.

ΒΙΕΝΝΗ, 7. (Ρόυτερ).— Το βουλγαρικόν πρακτορείον ειδήσεων μετέδωσεν ότι ο Πρόεδρος της Αλγερίας Μπεν Μπέλλα έφθασεν εις Σόφιαν.

ΝΑΖΙΣΤΗΣ ΣΥΝΤΑΓΜΑΤΑΡΧΗΣ ΚΑΤΗΓΟΡΕΙΤΑΙ ΟΤΙ ΕΞΟΝΤΩΣΕ 400.000 ΟΥΓΓΡΟΕΒΡΑΙΟΥΣ

ΦΡΑΓΚΦΟΥΡΤΗ, 7. (Ρόυτερ).— Ενώπιον του δικαστηρίου παρεπέμφθη πρώην συνταγματάρχης των Ες-Ες, κατηγορούμενος ότι εξόντωσε 400.000 Ουγγροεβραίους.

ΦΡΑΓΚΦΟΥΡΤΗ, 7. (Ρόυτερ).— Ενώπιον του δικαστηρίου παρεπέμφθη πρώην συνταγματάρχης των Ες-Ες, κατηγορούμενος ότι εξόντωσε 400.000 Ουγγροεβραίους.

ΦΡΑΓΚΦΟΥΡΤΗ, 7. (Ρόυτερ).— Ενώπιον του δικαστηρίου παρεπέμφθη πρώην συνταγματάρχης των Ες-Ες, κατηγορούμενος ότι εξόντωσε 400.000 Ουγγροεβραίους.

ΤΡΙΑΚΟΝΤΑ ΕΞ ΓΑΤΟΙ ΕΞΩΣΘΗΣΑΝ ΒΙΑΙΩΣ ΑΠΟ ΤΟ «ΡΕΤΙΡΕ» ΟΙΚΙΑΣ ΤΟΥ ΛΟΝΔΙΝΟΥ

ΛΟΝΔΙΝΟΝ, 7. (Ηνωμ. Τύπος).— Τριάκοντα έξ γάτοι εξώσθησαν βιαίως από το ρετιρέ οικίας του Λονδίνου κατόπιν διαταγής του δικαστηρίου.

ΛΟΝΔΙΝΟΝ, 7. (Ηνωμ. Τύπος).— Τριάκοντα έξ γάτοι εξώσθησαν βιαίως από το ρετιρέ οικίας του Λονδίνου κατόπιν διαταγής του δικαστηρίου.

ΛΟΝΔΙΝΟΝ, 7. (Ηνωμ. Τύπος).— Τριάκοντα έξ γάτοι εξώσθησαν βιαίως από το ρετιρέ οικίας του Λονδίνου κατόπιν διαταγής του δικαστηρίου.

ΕΠΙΚΕΙΤΑΙ ΟΜΟΣΠΟΝΔΙΑ ΤΗΣ ΑΙΓΥΠΤΟΥ ΜΕΤΑ ΤΟΥ ΙΡΑΚ, ΑΛΓΕΡΙΑΣ ΚΑΙ ΥΕΜΕΝΗΣ

ΒΗΡΥΤΟΣ, 7. (Ασοσ. Πρές).— Επίκειται η ίδρυσις ομοσπονδίας της Αιγύπτου μετά του Ιράκ, της Αλγερίας και της Υεμένης.

ΔΙΑΣΚΕΨΙΣ ΧΩΡΙΝΗΣ

ΒΑΓΔΑΤΗ, 7. (Ασοσ. Πρές).— Η διάσκεψις θα συνέλθη προσεχώς.

ΒΗΡΥΤΟΣ, 7. (Ασοσ. Πρές).— Επίκειται η ίδρυσις ομοσπονδίας της Αιγύπτου μετά του Ιράκ, της Αλγερίας και της Υεμένης.

Η ΝΗΣΟΣ ΑΓΙΟΥ ΕΛΕΝΗ

ΒΗΡΥΤΟΣ, 7. (Ασοσ. Πρές).— Επίκειται η ίδρυσις ομοσπονδίας της Αιγύπτου μετά του Ιράκ, της Αλγερίας και της Υεμένης.

ΟΥΔΕΝ ΑΠΟΤΕΛΕΣΜΑ

ΛΟΝΔΙΝΟΝ, 7. (Ασοσ. Πρές).— Ουδέν αποτέλεσμα είχον αι συνομιλίαι.
